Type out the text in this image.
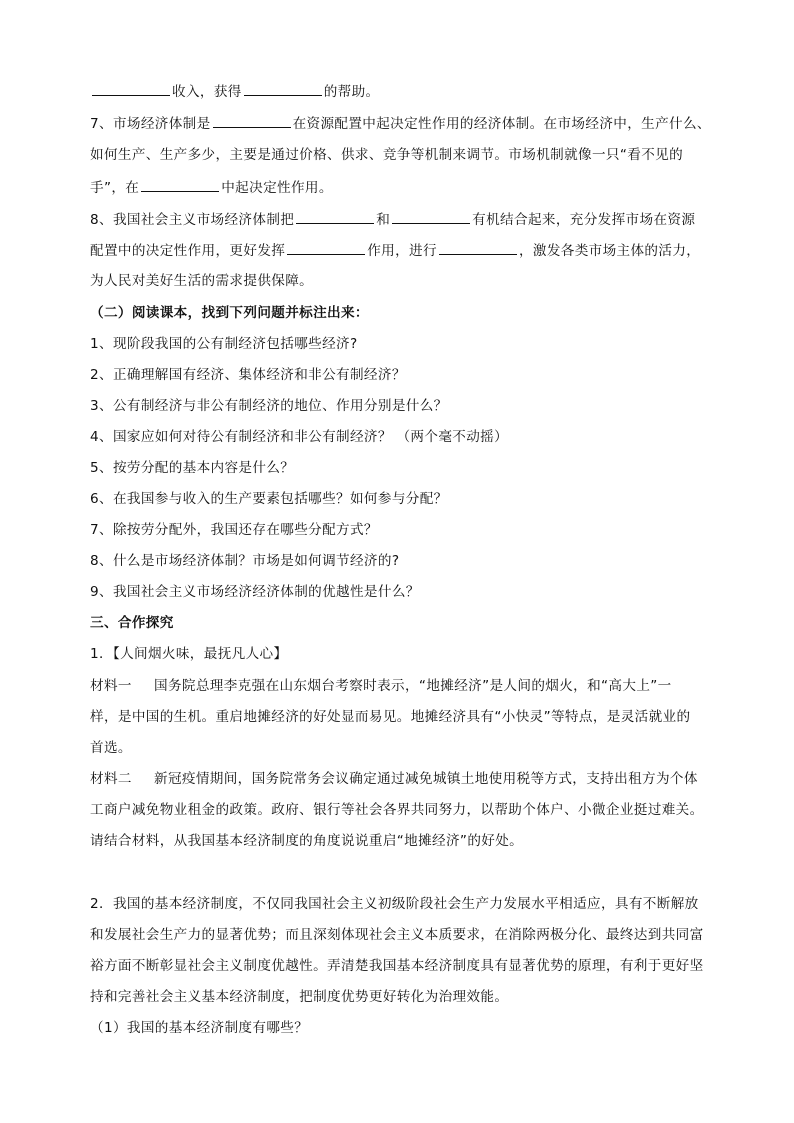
收入，获得	的帮助。
7、市场经济体制是	在资源配置中起决定性作用的经济体制。在市场经济中，生产什么、
如何生产、生产多少，主要是通过价格、供求、竞争等机制来调节。市场机制就像一只“看不见的
手”，在	中起决定性作用。
8、我国社会主义市场经济体制把	和	有机结合起来，充分发挥市场在资源
配置中的决定性作用，更好发挥	作用，进行	，激发各类市场主体的活力，
为人民对美好生活的需求提供保障。
（二）阅读课本，找到下列问题并标注出来：
1、现阶段我国的公有制经济包括哪些经济?
2、正确理解国有经济、集体经济和非公有制经济？
3、公有制经济与非公有制经济的地位、作用分别是什么？
4、国家应如何对待公有制经济和非公有制经济？ （两个毫不动摇）
5、按劳分配的基本内容是什么？
6、在我国参与收入的生产要素包括哪些？如何参与分配？
7、除按劳分配外，我国还存在哪些分配方式？
8、什么是市场经济体制？市场是如何调节经济的?
9、我国社会主义市场经济经济体制的优越性是什么？
三、合作探究
1．【人间烟火味，最抚凡人心】
材料一 国务院总理李克强在山东烟台考察时表示，“地摊经济”是人间的烟火，和“高大上”一
样，是中国的生机。重启地摊经济的好处显而易见。地摊经济具有“小快灵”等特点，是灵活就业的
首选。
材料二 新冠疫情期间，国务院常务会议确定通过减免城镇土地使用税等方式，支持出租方为个体
工商户减免物业租金的政策。政府、银行等社会各界共同努力，以帮助个体户、小微企业挺过难关。
请结合材料，从我国基本经济制度的角度说说重启“地摊经济”的好处。
2．我国的基本经济制度，不仅同我国社会主义初级阶段社会生产力发展水平相适应，具有不断解放
和发展社会生产力的显著优势；而且深刻体现社会主义本质要求，在消除两极分化、最终达到共同富
裕方面不断彰显社会主义制度优越性。弄清楚我国基本经济制度具有显著优势的原理，有利于更好坚
持和完善社会主义基本经济制度，把制度优势更好转化为治理效能。
（1）我国的基本经济制度有哪些？
